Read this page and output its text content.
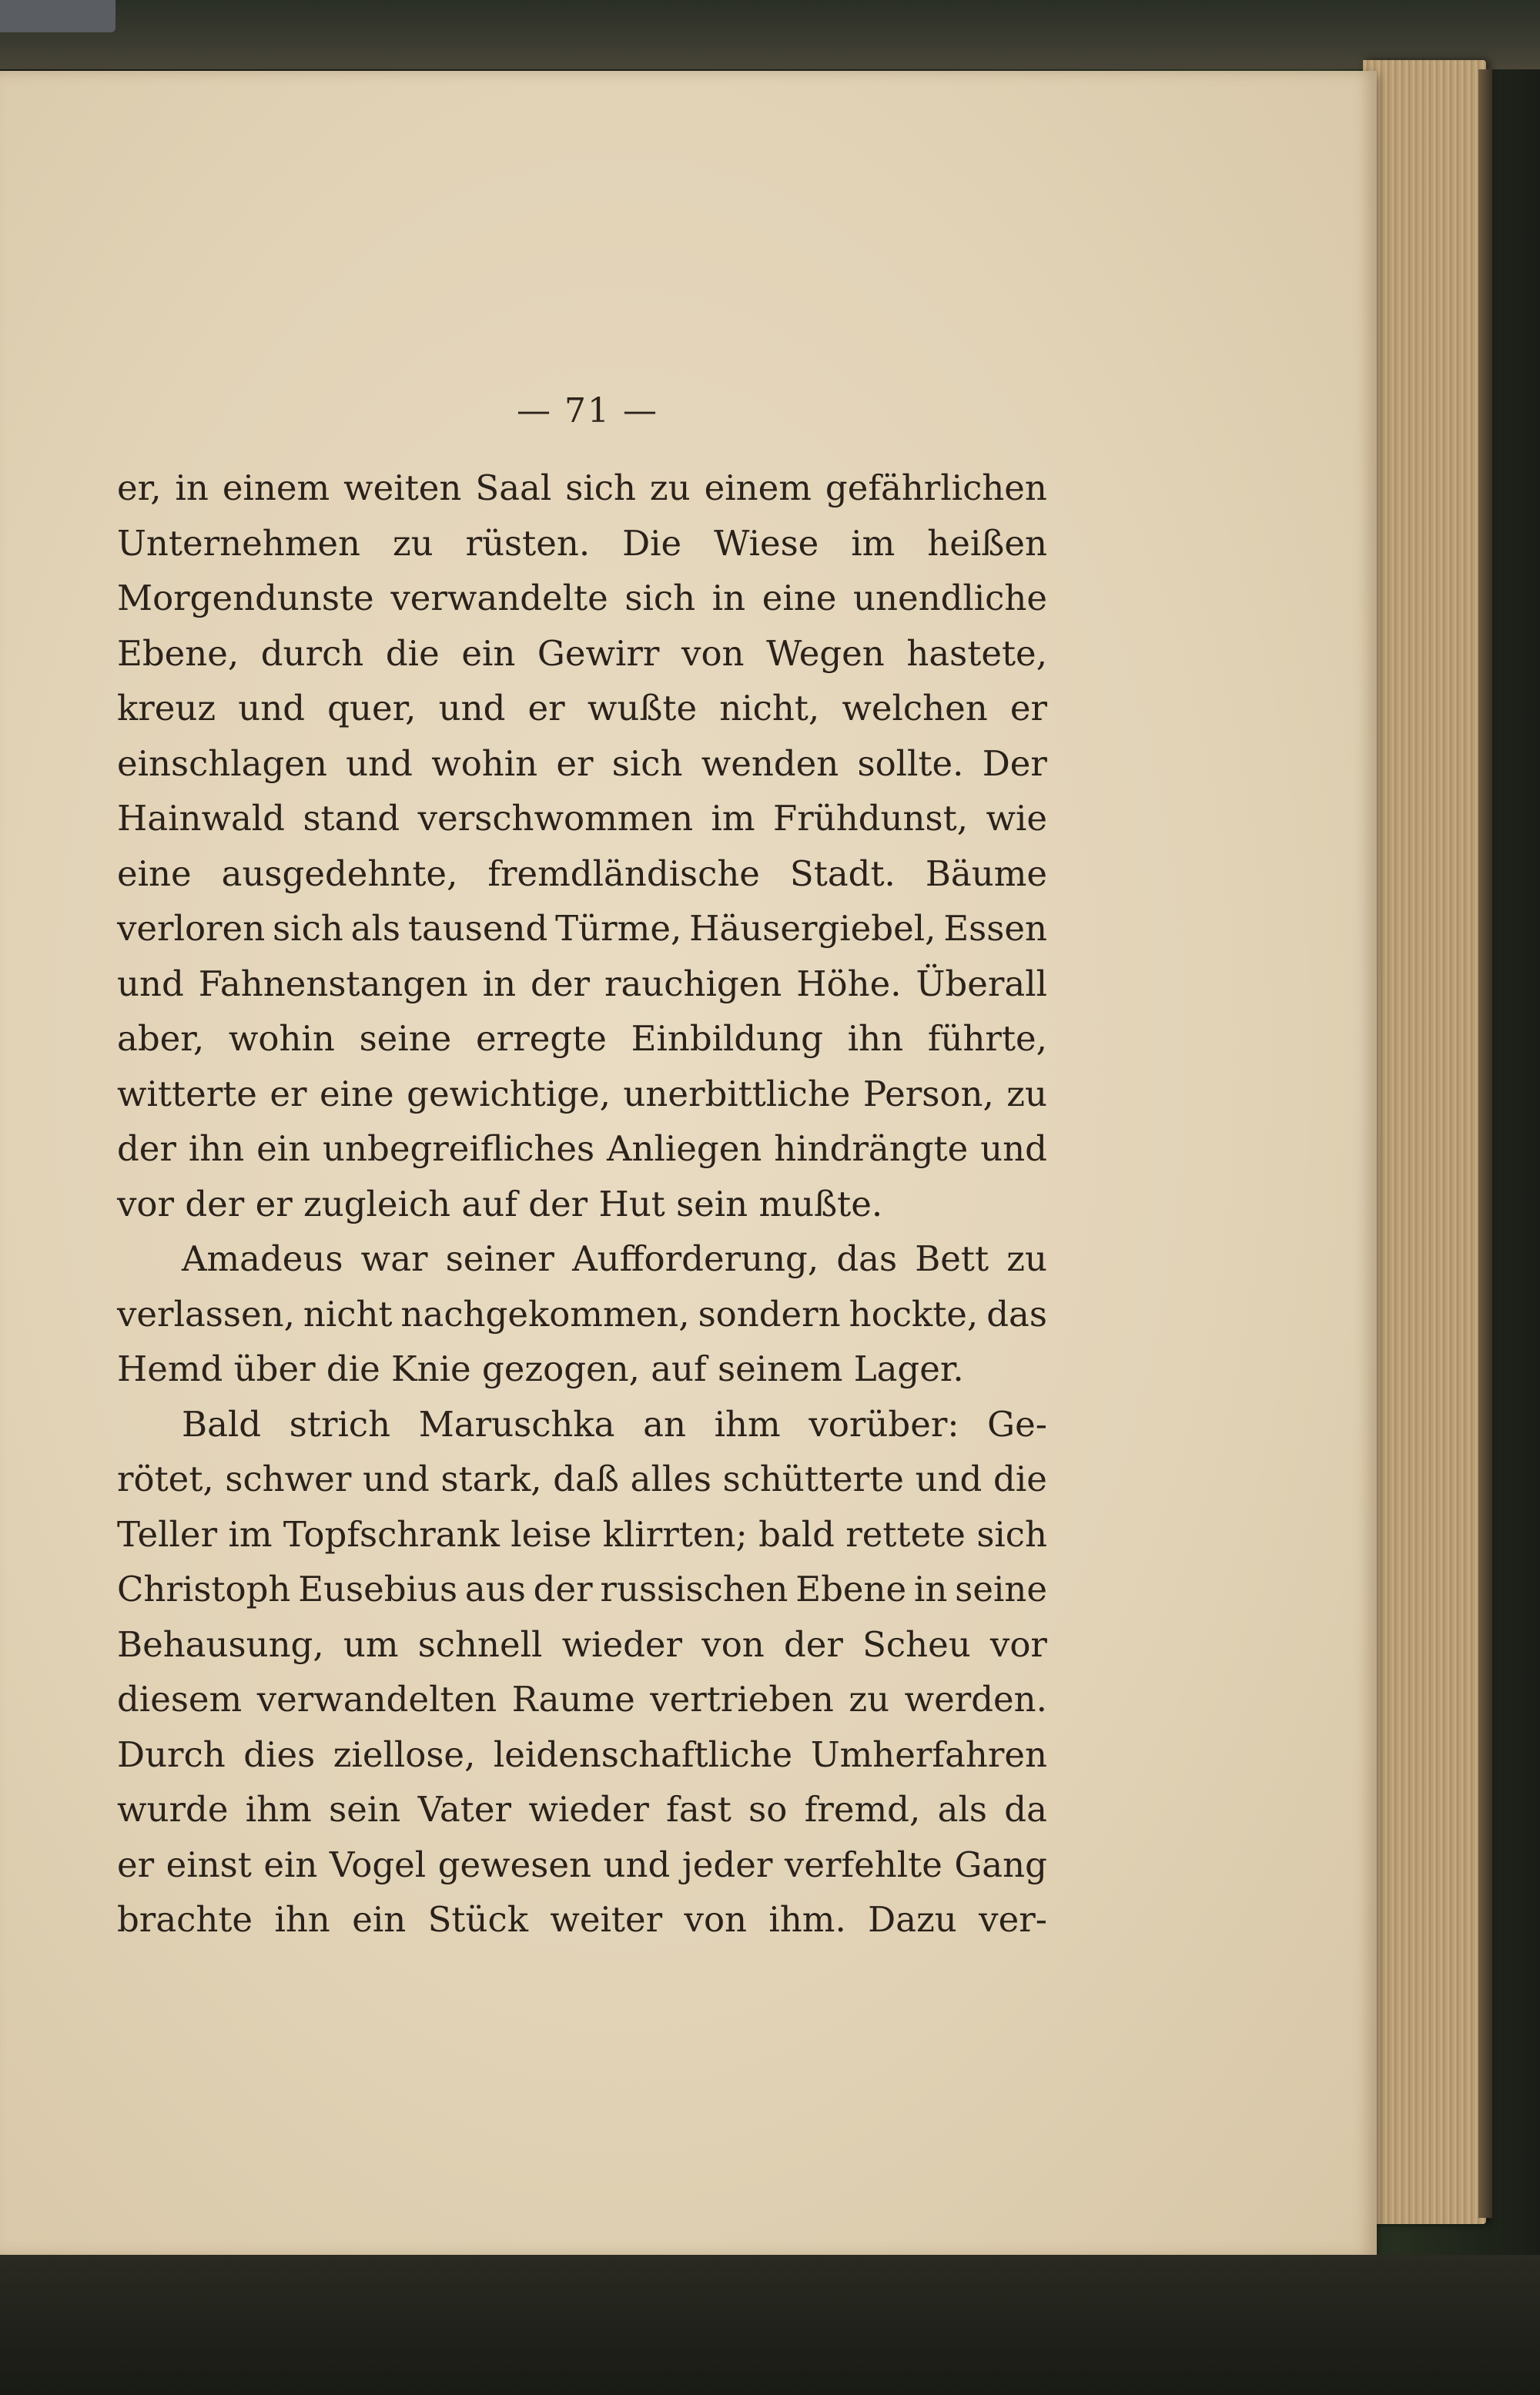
— 71 —
er, in einem weiten Saal sich zu einem gefährlichen
Unternehmen zu rüsten. Die Wiese im heißen
Morgendunste verwandelte sich in eine unendliche
Ebene, durch die ein Gewirr von Wegen hastete,
kreuz und quer, und er wußte nicht, welchen er
einschlagen und wohin er sich wenden sollte. Der
Hainwald stand verschwommen im Frühdunst, wie
eine ausgedehnte, fremdländische Stadt. Bäume
verloren sich als tausend Türme, Häusergiebel, Essen
und Fahnenstangen in der rauchigen Höhe. Überall
aber, wohin seine erregte Einbildung ihn führte,
witterte er eine gewichtige, unerbittliche Person, zu
der ihn ein unbegreifliches Anliegen hindrängte und
vor der er zugleich auf der Hut sein mußte.
Amadeus war seiner Aufforderung, das Bett zu
verlassen, nicht nachgekommen, sondern hockte, das
Hemd über die Knie gezogen, auf seinem Lager.
Bald strich Maruschka an ihm vorüber: Ge-
rötet, schwer und stark, daß alles schütterte und die
Teller im Topfschrank leise klirrten; bald rettete sich
Christoph Eusebius aus der russischen Ebene in seine
Behausung, um schnell wieder von der Scheu vor
diesem verwandelten Raume vertrieben zu werden.
Durch dies ziellose, leidenschaftliche Umherfahren
wurde ihm sein Vater wieder fast so fremd, als da
er einst ein Vogel gewesen und jeder verfehlte Gang
brachte ihn ein Stück weiter von ihm. Dazu ver-
